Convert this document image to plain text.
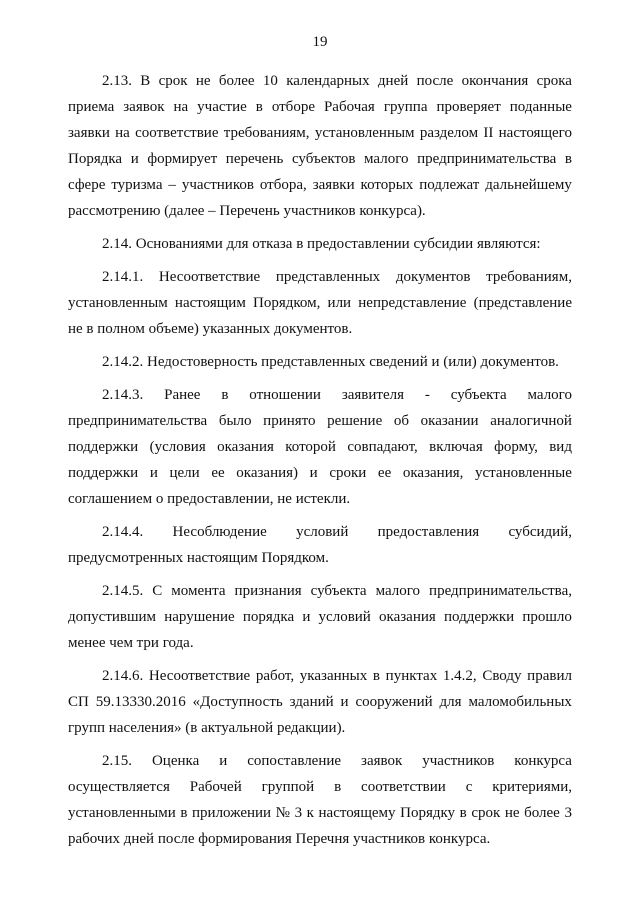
19
2.13. В срок не более 10 календарных дней после окончания срока
приема заявок на участие в отборе Рабочая группа проверяет поданные
заявки на соответствие требованиям, установленным разделом II настоящего
Порядка и формирует перечень субъектов малого предпринимательства в
сфере туризма – участников отбора, заявки которых подлежат дальнейшему
рассмотрению (далее – Перечень участников конкурса).
2.14. Основаниями для отказа в предоставлении субсидии являются:
2.14.1. Несоответствие представленных документов требованиям,
установленным настоящим Порядком, или непредставление (представление
не в полном объеме) указанных документов.
2.14.2. Недостоверность представленных сведений и (или) документов.
2.14.3. Ранее в отношении заявителя - субъекта малого
предпринимательства было принято решение об оказании аналогичной
поддержки (условия оказания которой совпадают, включая форму, вид
поддержки и цели ее оказания) и сроки ее оказания, установленные
соглашением о предоставлении, не истекли.
2.14.4. Несоблюдение условий предоставления субсидий,
предусмотренных настоящим Порядком.
2.14.5. С момента признания субъекта малого предпринимательства,
допустившим нарушение порядка и условий оказания поддержки прошло
менее чем три года.
2.14.6. Несоответствие работ, указанных в пунктах 1.4.2, Своду правил
СП 59.13330.2016 «Доступность зданий и сооружений для маломобильных
групп населения» (в актуальной редакции).
2.15. Оценка и сопоставление заявок участников конкурса
осуществляется Рабочей группой в соответствии с критериями,
установленными в приложении № 3 к настоящему Порядку в срок не более 3
рабочих дней после формирования Перечня участников конкурса.
